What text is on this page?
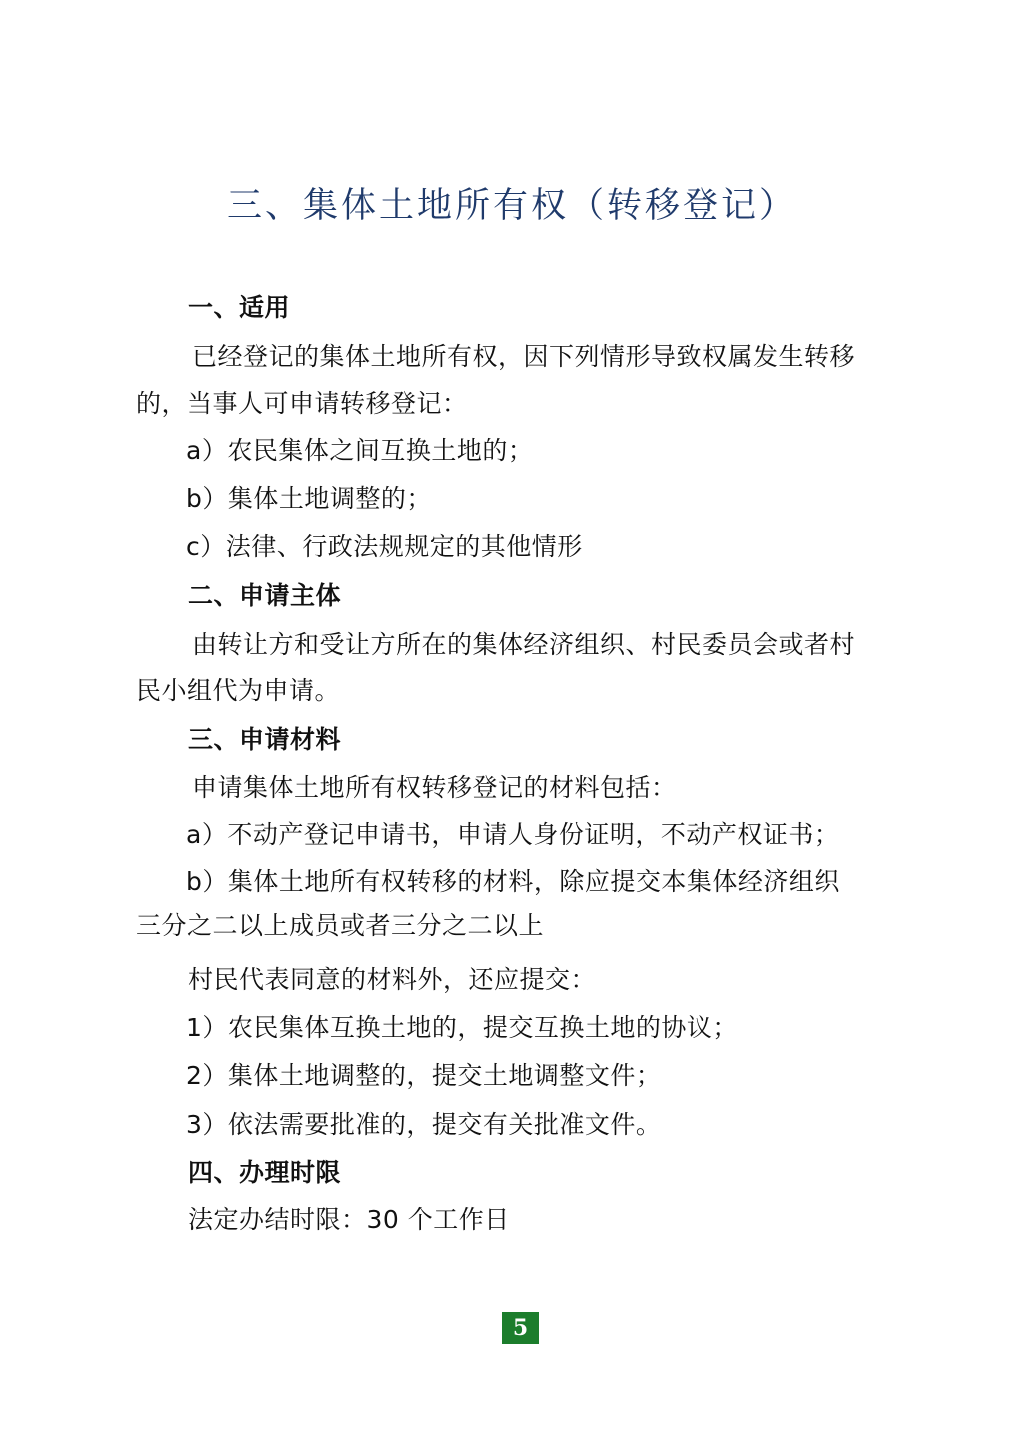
三、集体土地所有权（转移登记）
一、适用
已经登记的集体土地所有权，因下列情形导致权属发生转移
的，当事人可申请转移登记：
a）农民集体之间互换土地的；
b）集体土地调整的；
c）法律、行政法规规定的其他情形
二、申请主体
由转让方和受让方所在的集体经济组织、村民委员会或者村
民小组代为申请。
三、申请材料
申请集体土地所有权转移登记的材料包括：
a）不动产登记申请书，申请人身份证明，不动产权证书；
b）集体土地所有权转移的材料，除应提交本集体经济组织
三分之二以上成员或者三分之二以上
村民代表同意的材料外，还应提交：
1）农民集体互换土地的，提交互换土地的协议；
2）集体土地调整的，提交土地调整文件；
3）依法需要批准的，提交有关批准文件。
四、办理时限
法定办结时限：30 个工作日
5
